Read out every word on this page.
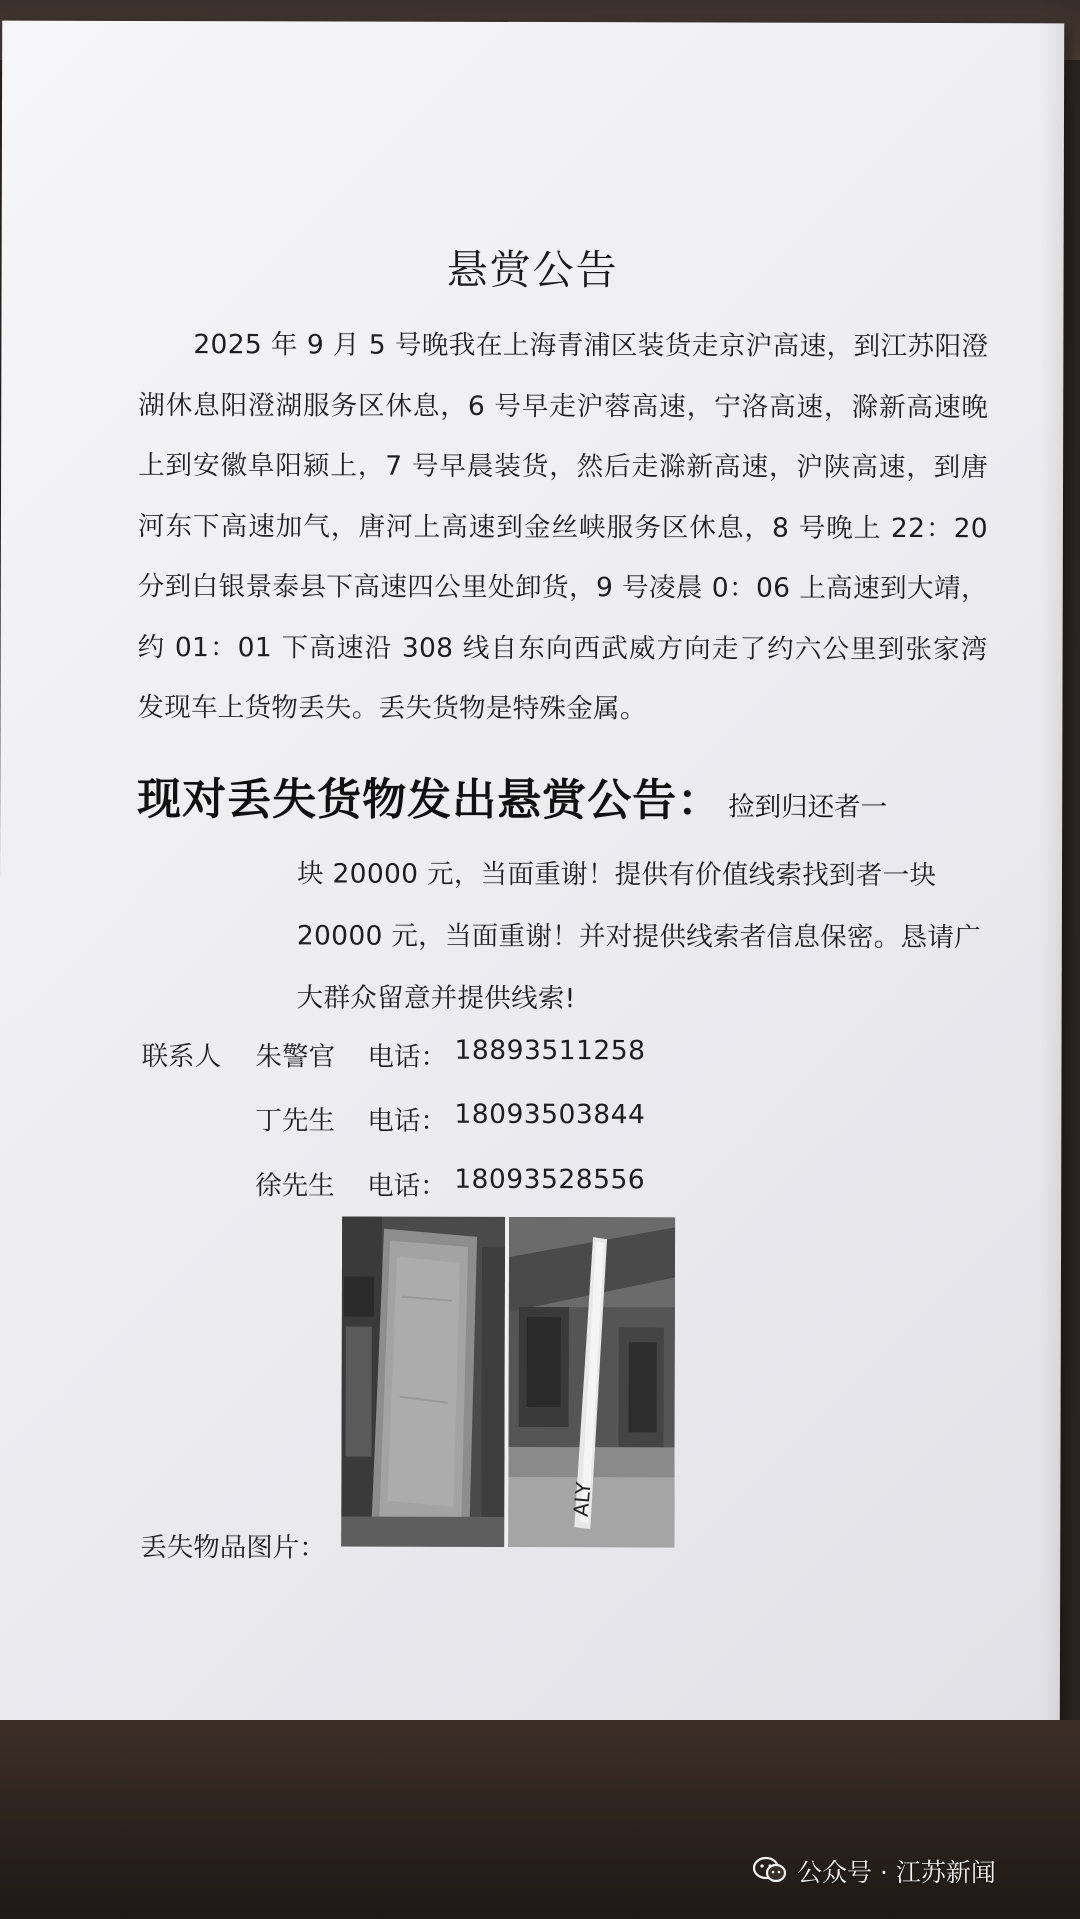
悬赏公告
2025 年 9 月 5 号晚我在上海青浦区装货走京沪高速，到江苏阳澄湖休息阳澄湖服务区休息，6 号早走沪蓉高速，宁洛高速，滁新高速晚上到安徽阜阳颍上，7 号早晨装货，然后走滁新高速，沪陕高速，到唐河东下高速加气，唐河上高速到金丝峡服务区休息，8 号晚上 22：20 分到白银景泰县下高速四公里处卸货，9 号凌晨 0：06 上高速到大靖，约 01：01 下高速沿 308 线自东向西武威方向走了约六公里到张家湾发现车上货物丢失。丢失货物是特殊金属。
现对丢失货物发出悬赏公告： 捡到归还者一
块 20000 元，当面重谢！提供有价值线索找到者一块 20000 元，当面重谢！并对提供线索者信息保密。恳请广大群众留意并提供线索!
联系人 朱警官 电话： 18893511258
丁先生 电话： 18093503844
徐先生 电话： 18093528556
ALY
丢失物品图片：
公众号 · 江苏新闻
